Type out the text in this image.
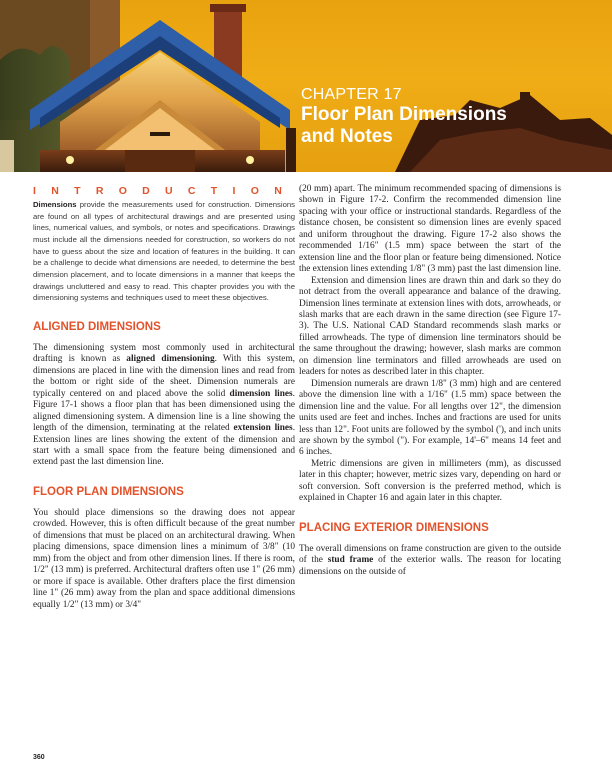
CHAPTER 17
Floor Plan Dimensions
and Notes
INTRODUCTION

Dimensions provide the measurements used for construction. Dimensions are found on all types of architectural drawings and are presented using lines, numerical values, and symbols, or notes and specifications. Drawings must include all the dimensions needed for construction, so workers do not have to guess about the size and location of features in the building. It can be a challenge to decide what dimensions are needed, to determine the best dimension placement, and to locate dimensions in a manner that keeps the drawings uncluttered and easy to read. This chapter provides you with the dimensioning systems and techniques used to meet these objectives.

ALIGNED DIMENSIONS

The dimensioning system most commonly used in architectural drafting is known as aligned dimensioning. With this system, dimensions are placed in line with the dimension lines and read from the bottom or right side of the sheet. Dimension numerals are typically centered on and placed above the solid dimension lines. Figure 17-1 shows a floor plan that has been dimensioned using the aligned dimensioning system. A dimension line is a line showing the length of the dimension, terminating at the related extension lines. Extension lines are lines showing the extent of the dimension and start with a small space from the feature being dimensioned and extend past the last dimension line.

FLOOR PLAN DIMENSIONS

You should place dimensions so the drawing does not appear crowded. However, this is often difficult because of the great number of dimensions that must be placed on an architectural drawing. When placing dimensions, space dimension lines a minimum of 3/8" (10 mm) from the object and from other dimension lines. If there is room, 1/2" (13 mm) is preferred. Architectural drafters often use 1" (26 mm) or more if space is available. Other drafters place the first dimension line 1" (26 mm) away from the plan and space additional dimensions equally 1/2" (13 mm) or 3/4"

(20 mm) apart. The minimum recommended spacing of dimensions is shown in Figure 17-2. Confirm the recommended dimension line spacing with your office or instructional standards. Regardless of the distance chosen, be consistent so dimension lines are evenly spaced and uniform throughout the drawing. Figure 17-2 also shows the recommended 1/16" (1.5 mm) space between the start of the extension line and the floor plan or feature being dimensioned. Notice the extension lines extending 1/8" (3 mm) past the last dimension line.

Extension and dimension lines are drawn thin and dark so they do not detract from the overall appearance and balance of the drawing. Dimension lines terminate at extension lines with dots, arrowheads, or slash marks that are each drawn in the same direction (see Figure 17-3). The U.S. National CAD Standard recommends slash marks or filled arrowheads. The type of dimension line terminators should be the same throughout the drawing; however, slash marks are common on dimension line terminators and filled arrowheads are used on leaders for notes as described later in this chapter.

Dimension numerals are drawn 1/8" (3 mm) high and are centered above the dimension line with a 1/16" (1.5 mm) space between the dimension line and the value. For all lengths over 12", the dimension units used are feet and inches. Inches and fractions are used for units less than 12". Foot units are followed by the symbol ('), and inch units are shown by the symbol ("). For example, 14'–6" means 14 feet and 6 inches.

Metric dimensions are given in millimeters (mm), as discussed later in this chapter; however, metric sizes vary, depending on hard or soft conversion. Soft conversion is the preferred method, which is explained in Chapter 16 and again later in this chapter.

PLACING EXTERIOR DIMENSIONS

The overall dimensions on frame construction are given to the outside of the stud frame of the exterior walls. The reason for locating dimensions on the outside of

360
